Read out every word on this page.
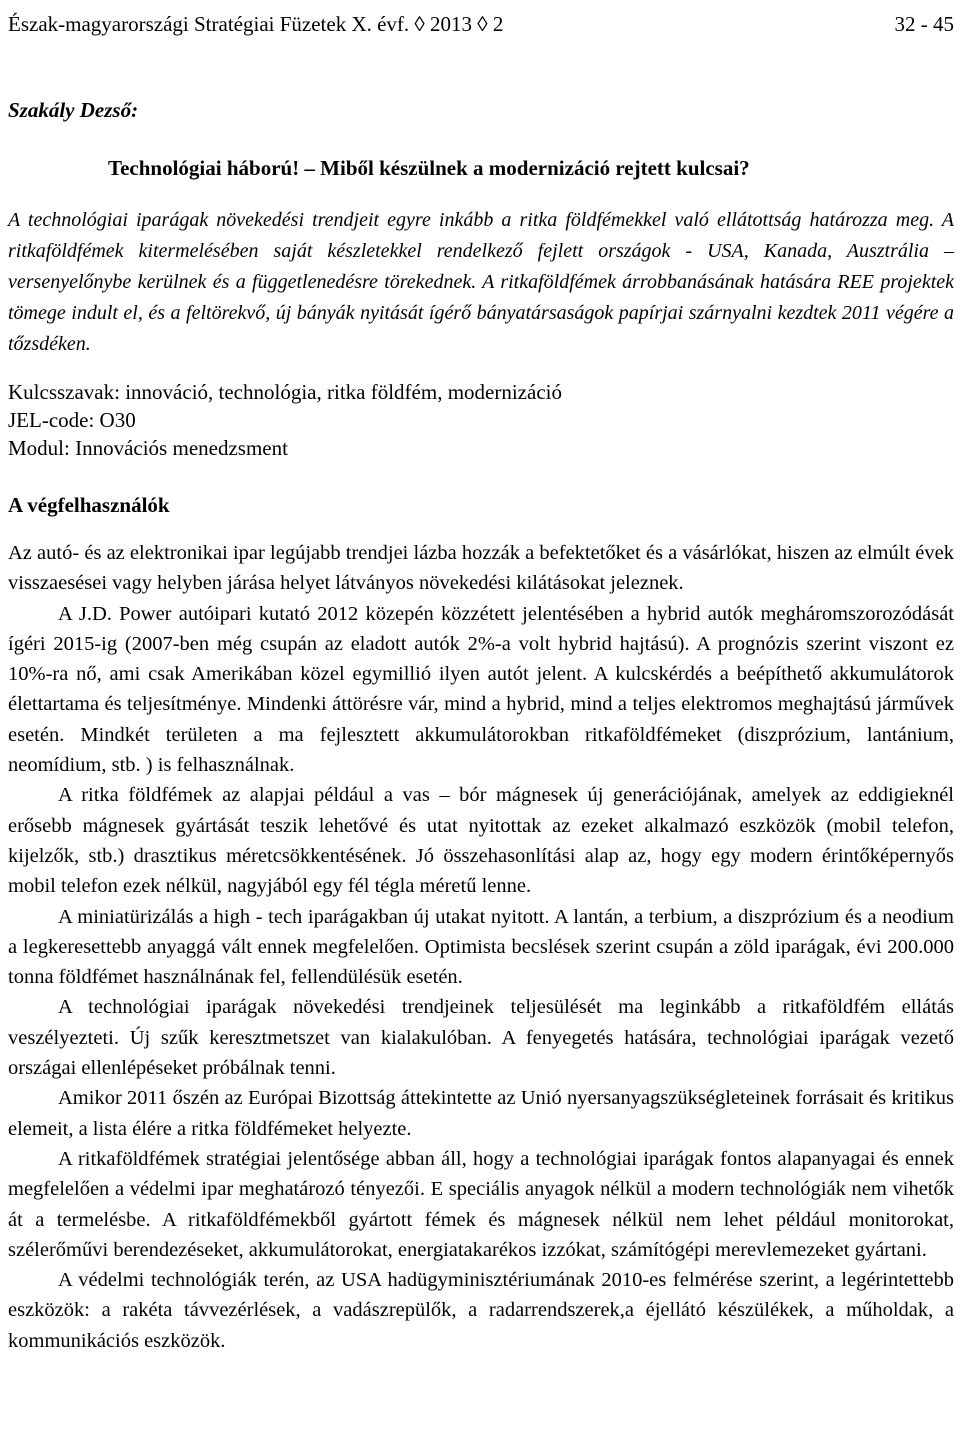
Észak-magyarországi Stratégiai Füzetek X. évf. ◊ 2013 ◊ 2	32 - 45
Szakály Dezső:
Technológiai háború! – Miből készülnek a modernizáció rejtett kulcsai?
A technológiai iparágak növekedési trendjeit egyre inkább a ritka földfémekkel való ellátottság határozza meg. A ritkaföldfémek kitermelésében saját készletekkel rendelkező fejlett országok - USA, Kanada, Ausztrália – versenyelőnybe kerülnek és a függetlenedésre törekednek. A ritkaföldfémek árrobbanásának hatására REE projektek tömege indult el, és a feltörekvő, új bányák nyitását ígérő bányatársaságok papírjai szárnyalni kezdtek 2011 végére a tőzsdéken.
Kulcsszavak: innováció, technológia, ritka földfém, modernizáció
JEL-code: O30
Modul: Innovációs menedzsment
A végfelhasználók

Az autó- és az elektronikai ipar legújabb trendjei lázba hozzák a befektetőket és a vásárlókat, hiszen az elmúlt évek visszaesései vagy helyben járása helyet látványos növekedési kilátásokat jeleznek.

A J.D. Power autóipari kutató 2012 közepén közzétett jelentésében a hybrid autók megháromszorozódását ígéri 2015-ig (2007-ben még csupán az eladott autók 2%-a volt hybrid hajtású). A prognózis szerint viszont ez 10%-ra nő, ami csak Amerikában közel egymillió ilyen autót jelent. A kulcskérdés a beépíthető akkumulátorok élettartama és teljesítménye. Mindenki áttörésre vár, mind a hybrid, mind a teljes elektromos meghajtású járművek esetén. Mindkét területen a ma fejlesztett akkumulátorokban ritkaföldfémeket (diszprózium, lantánium, neomídium, stb. ) is felhasználnak.

A ritka földfémek az alapjai például a vas – bór mágnesek új generációjának, amelyek az eddigieknél erősebb mágnesek gyártását teszik lehetővé és utat nyitottak az ezeket alkalmazó eszközök (mobil telefon, kijelzők, stb.) drasztikus méretcsökkentésének. Jó összehasonlítási alap az, hogy egy modern érintőképernyős mobil telefon ezek nélkül, nagyjából egy fél tégla méretű lenne.

A miniatürizálás a high - tech iparágakban új utakat nyitott. A lantán, a terbium, a diszprózium és a neodium a legkeresettebb anyaggá vált ennek megfelelően. Optimista becslések szerint csupán a zöld iparágak, évi 200.000 tonna földfémet használnának fel, fellendülésük esetén.

A technológiai iparágak növekedési trendjeinek teljesülését ma leginkább a ritkaföldfém ellátás veszélyezteti. Új szűk keresztmetszet van kialakulóban. A fenyegetés hatására, technológiai iparágak vezető országai ellenlépéseket próbálnak tenni.

Amikor 2011 őszén az Európai Bizottság áttekintette az Unió nyersanyagszükségleteinek forrásait és kritikus elemeit, a lista élére a ritka földfémeket helyezte.

A ritkaföldfémek stratégiai jelentősége abban áll, hogy a technológiai iparágak fontos alapanyagai és ennek megfelelően a védelmi ipar meghatározó tényezői. E speciális anyagok nélkül a modern technológiák nem vihetők át a termelésbe. A ritkaföldfémekből gyártott fémek és mágnesek nélkül nem lehet például monitorokat, szélerőművi berendezéseket, akkumulátorokat, energiatakarékos izzókat, számítógépi merevlemezeket gyártani.

A védelmi technológiák terén, az USA hadügyminisztériumának 2010-es felmérése szerint, a legérintettebb eszközök: a rakéta távvezérlések, a vadászrepülők, a radarrendszerek,a éjellátó készülékek, a műholdak, a kommunikációs eszközök.
